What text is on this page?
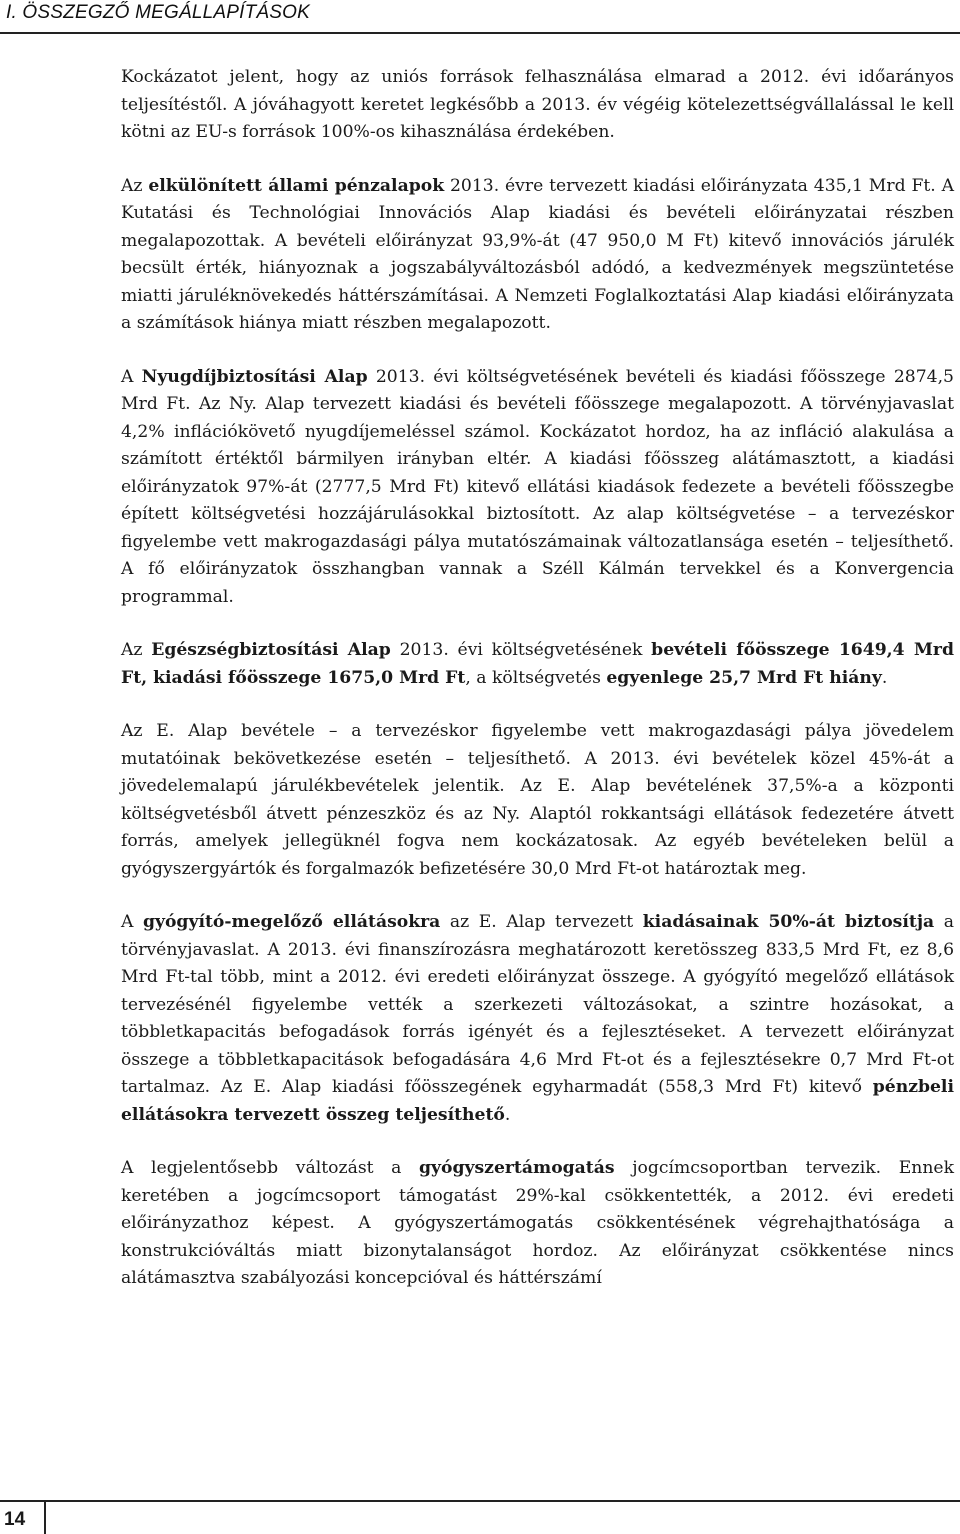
I. ÖSSZEGZŐ MEGÁLLAPÍTÁSOK

Kockázatot jelent, hogy az uniós források felhasználása elmarad a 2012. évi időarányos teljesítéstől. A jóváhagyott keretet legkésőbb a 2013. év végéig kötelezettségvállalással le kell kötni az EU-s források 100%-os kihasználása érdekében.

Az elkülönített állami pénzalapok 2013. évre tervezett kiadási előirányzata 435,1 Mrd Ft. A Kutatási és Technológiai Innovációs Alap kiadási és bevételi előirányzatai részben megalapozottak. A bevételi előirányzat 93,9%-át (47 950,0 M Ft) kitevő innovációs járulék becsült érték, hiányoznak a jogszabályváltozásból adódó, a kedvezmények megszüntetése miatti járuléknövekedés háttérszámításai. A Nemzeti Foglalkoztatási Alap kiadási előirányzata a számítások hiánya miatt részben megalapozott.

A Nyugdíjbiztosítási Alap 2013. évi költségvetésének bevételi és kiadási főösszege 2874,5 Mrd Ft. Az Ny. Alap tervezett kiadási és bevételi főösszege megalapozott. A törvényjavaslat 4,2% inflációkövető nyugdíjemeléssel számol. Kockázatot hordoz, ha az infláció alakulása a számított értéktől bármilyen irányban eltér. A kiadási főösszeg alátámasztott, a kiadási előirányzatok 97%-át (2777,5 Mrd Ft) kitevő ellátási kiadások fedezete a bevételi főösszegbe épített költségvetési hozzájárulásokkal biztosított. Az alap költségvetése – a tervezéskor figyelembe vett makrogazdasági pálya mutatószámainak változatlansága esetén – teljesíthető. A fő előirányzatok összhangban vannak a Széll Kálmán tervekkel és a Konvergencia programmal.

Az Egészségbiztosítási Alap 2013. évi költségvetésének bevételi főösszege 1649,4 Mrd Ft, kiadási főösszege 1675,0 Mrd Ft, a költségvetés egyenlege 25,7 Mrd Ft hiány.

Az E. Alap bevétele – a tervezéskor figyelembe vett makrogazdasági pálya jövedelem mutatóinak bekövetkezése esetén – teljesíthető. A 2013. évi bevételek közel 45%-át a jövedelemalapú járulékbevételek jelentik. Az E. Alap bevételének 37,5%-a a központi költségvetésből átvett pénzeszköz és az Ny. Alaptól rokkantsági ellátások fedezetére átvett forrás, amelyek jellegüknél fogva nem kockázatosak. Az egyéb bevételeken belül a gyógyszergyártók és forgalmazók befizetésére 30,0 Mrd Ft-ot határoztak meg.

A gyógyító-megelőző ellátásokra az E. Alap tervezett kiadásainak 50%-át biztosítja a törvényjavaslat. A 2013. évi finanszírozásra meghatározott keretösszeg 833,5 Mrd Ft, ez 8,6 Mrd Ft-tal több, mint a 2012. évi eredeti előirányzat összege. A gyógyító megelőző ellátások tervezésénél figyelembe vették a szerkezeti változásokat, a szintre hozásokat, a többletkapacitás befogadások forrás igényét és a fejlesztéseket. A tervezett előirányzat összege a többletkapacitások befogadására 4,6 Mrd Ft-ot és a fejlesztésekre 0,7 Mrd Ft-ot tartalmaz. Az E. Alap kiadási főösszegének egyharmadát (558,3 Mrd Ft) kitevő pénzbeli ellátásokra tervezett összeg teljesíthető.

A legjelentősebb változást a gyógyszertámogatás jogcímcsoportban tervezik. Ennek keretében a jogcímcsoport támogatást 29%-kal csökkentették, a 2012. évi eredeti előirányzathoz képest. A gyógyszertámogatás csökkentésének végrehajthatósága a konstrukcióváltás miatt bizonytalanságot hordoz. Az előirányzat csökkentése nincs alátámasztva szabályozási koncepcióval és háttérszámí

14
